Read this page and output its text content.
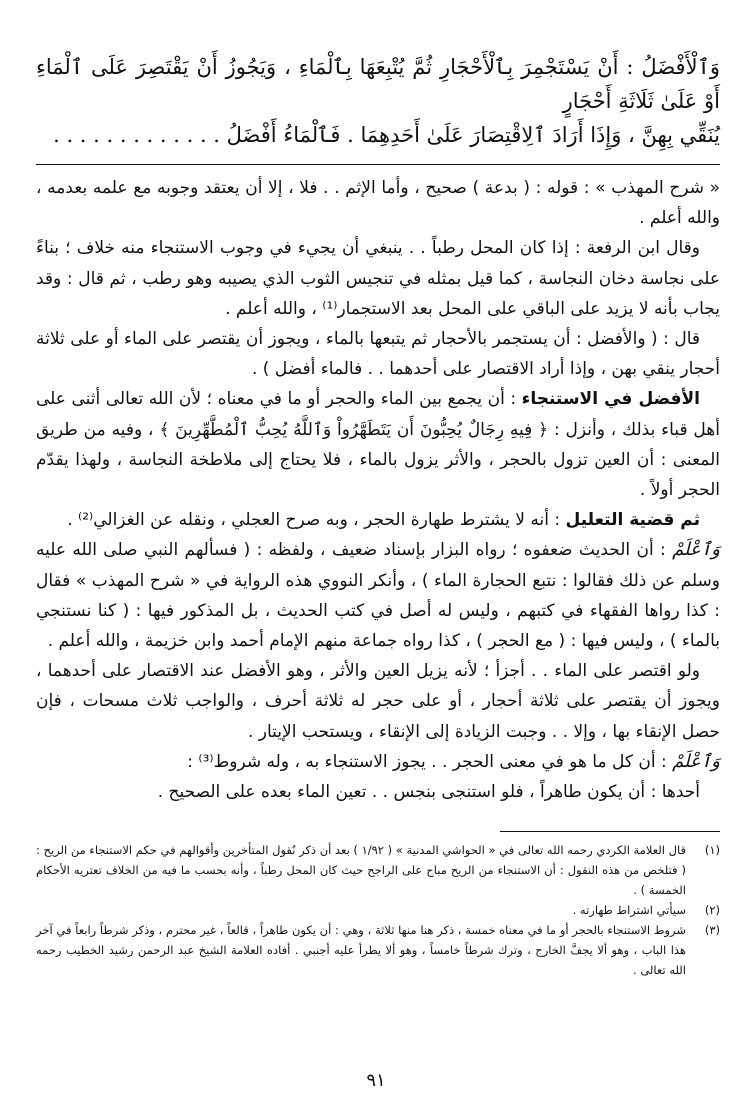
وَٱلْأَفْضَلُ : أَنْ يَسْتَجْمِرَ بِٱلْأَحْجَارِ ثُمَّ يُتْبِعَهَا بِٱلْمَاءِ ، وَيَجُوزُ أَنْ يَقْتَصِرَ عَلَى ٱلْمَاءِ أَوْ عَلَىٰ ثَلَاثَةِ أَحْجَارٍ

يُنَقِّي بِهِنَّ ، وَإِذَا أَرَادَ ٱلِاقْتِصَارَ عَلَىٰ أَحَدِهِمَا . فَٱلْمَاءُ أَفْضَلُ . . . . . . . . . . . . .

« شرح المهذب » : قوله : ( بدعة ) صحيح ، وأما الإثم . . فلا ، إلا أن يعتقد وجوبه مع علمه بعدمه ، والله أعلم .

وقال ابن الرفعة : إذا كان المحل رطباً . . ينبغي أن يجيء في وجوب الاستنجاء منه خلاف ؛ بناءً على نجاسة دخان النجاسة ، كما قيل بمثله في تنجيس الثوب الذي يصيبه وهو رطب ، ثم قال : وقد يجاب بأنه لا يزيد على الباقي على المحل بعد الاستجمار⁽¹⁾ ، والله أعلم .

قال : ( والأفضل : أن يستجمر بالأحجار ثم يتبعها بالماء ، ويجوز أن يقتصر على الماء أو على ثلاثة أحجار ينقي بهن ، وإذا أراد الاقتصار على أحدهما . . فالماء أفضل ) .

الأفضل في الاستنجاء : أن يجمع بين الماء والحجر أو ما في معناه ؛ لأن الله تعالى أثنى على أهل قباء بذلك ، وأنزل : ﴿ فِيهِ رِجَالٌ يُحِبُّونَ أَن يَتَطَهَّرُواْ وَٱللَّهُ يُحِبُّ ٱلْمُطَّهِّرِينَ ﴾ ، وفيه من طريق المعنى : أن العين تزول بالحجر ، والأثر يزول بالماء ، فلا يحتاج إلى ملاطخة النجاسة ، ولهذا يقدّم الحجر أولاً .

ثم قضية التعليل : أنه لا يشترط طهارة الحجر ، وبه صرح العجلي ، ونقله عن الغزالي⁽²⁾ .

وَٱعْلَمْ : أن الحديث ضعفوه ؛ رواه البزار بإسناد ضعيف ، ولفظه : ( فسألهم النبي صلى الله عليه وسلم عن ذلك فقالوا : نتبع الحجارة الماء ) ، وأنكر النووي هذه الرواية في « شرح المهذب » فقال : كذا رواها الفقهاء في كتبهم ، وليس له أصل في كتب الحديث ، بل المذكور فيها : ( كنا نستنجي بالماء ) ، وليس فيها : ( مع الحجر ) ، كذا رواه جماعة منهم الإمام أحمد وابن خزيمة ، والله أعلم .

ولو اقتصر على الماء . . أجزأ ؛ لأنه يزيل العين والأثر ، وهو الأفضل عند الاقتصار على أحدهما ، ويجوز أن يقتصر على ثلاثة أحجار ، أو على حجر له ثلاثة أحرف ، والواجب ثلاث مسحات ، فإن حصل الإنقاء بها ، وإلا . . وجبت الزيادة إلى الإنقاء ، ويستحب الإيتار .

وَٱعْلَمْ : أن كل ما هو في معنى الحجر . . يجوز الاستنجاء به ، وله شروط⁽³⁾ :

أحدها : أن يكون طاهراً ، فلو استنجى بنجس . . تعين الماء بعده على الصحيح .

(١)
قال العلامة الكردي رحمه الله تعالى في « الحواشي المدنية » ( ١/٩٢ ) بعد أن ذكر نُقول المتأخرين وأقوالهم في حكم الاستنجاء من الريح : ( فتلخص من هذه النقول : أن الاستنجاء من الريح مباح على الراجح حيث كان المحل رطباً ، وأنه بحسب ما فيه من الخلاف تعتريه الأحكام الخمسة ) .
(٢)
سيأتي اشتراط طهارته .
(٣)
شروط الاستنجاء بالحجر أو ما في معناه خمسة ، ذكر هنا منها ثلاثة ، وهي : أن يكون طاهراً ، قالعاً ، غير محترم ، وذكر شرطاً رابعاً في آخر هذا الباب ، وهو ألا يجفَّ الخارج ، وترك شرطاً خامساً ، وهو ألا يطرأ عليه أجنبي . أفاده العلامة الشيخ عبد الرحمن رشيد الخطيب رحمه الله تعالى .
٩١
